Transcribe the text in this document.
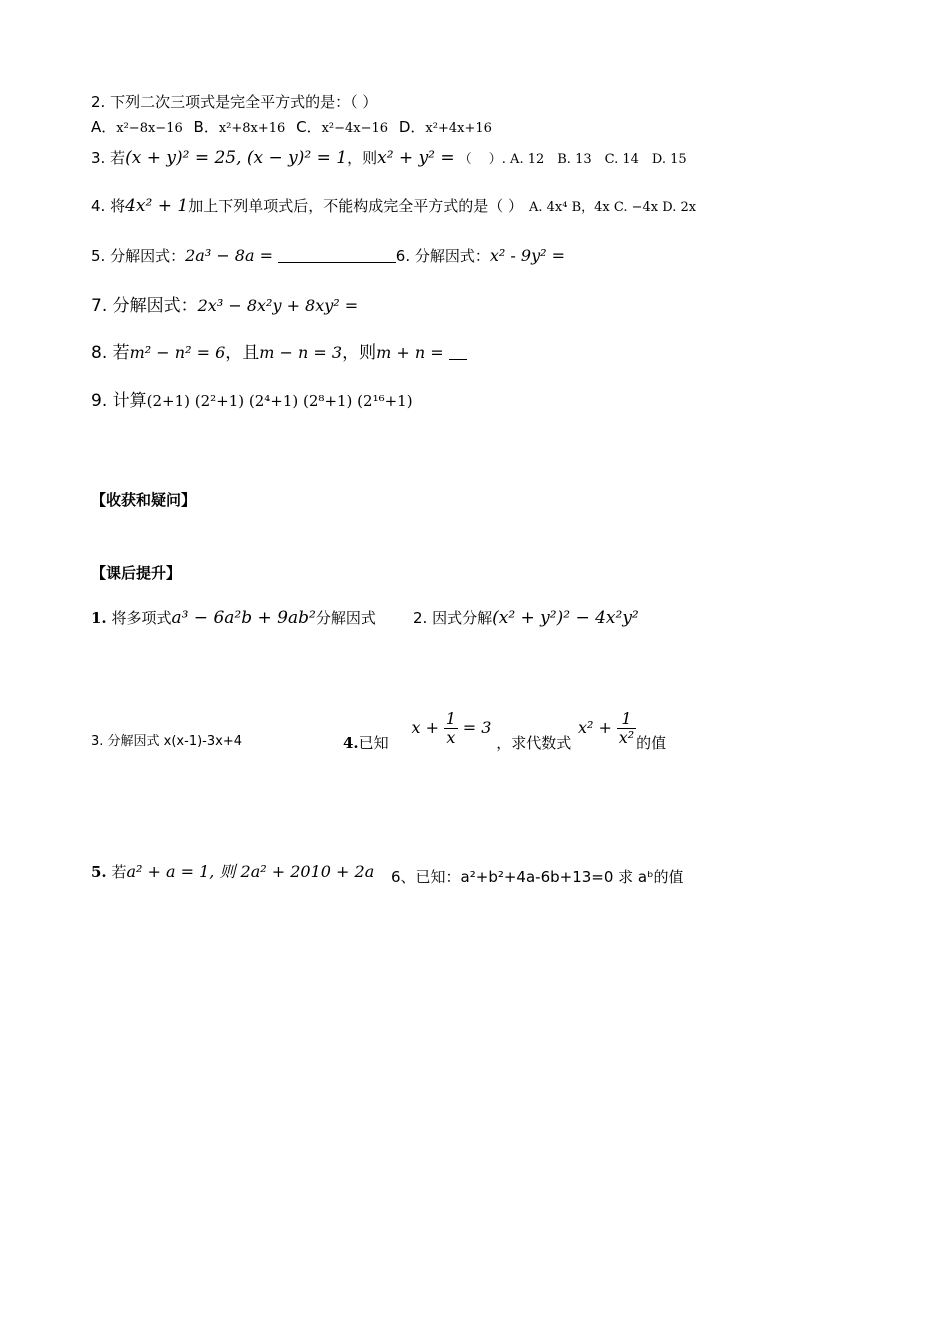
2. 下列二次三项式是完全平方式的是：（ ）
A．x²−8x−16 B．x²+8x+16 C．x²−4x−16 D．x²+4x+16
3. 若(x + y)² = 25, (x − y)² = 1，则x² + y² = （　 ）. A. 12　B. 13　C. 14　D. 15
4. 将4x² + 1加上下列单项式后，不能构成完全平方式的是（ ） A. 4x⁴ B，4x C. −4x D. 2x
5. 分解因式：2a³ − 8a =	6. 分解因式：x² - 9y² =
7. 分解因式：2x³ − 8x²y + 8xy² =
8. 若m² − n² = 6，且m − n = 3，则m + n =
9. 计算(2+1) (2²+1) (2⁴+1) (2⁸+1) (2¹⁶+1)
【收获和疑问】
【课后提升】
1. 将多项式a³ − 6a²b + 9ab²分解因式 2. 因式分解(x² + y²)² − 4x²y²
3. 分解因式 x(x-1)-3x+4	4.已知 $x + \frac{1}{x} = 3$ ，求代数式 $x^2 + \frac{1}{\text{x²}}$ 的值
5. 若a² + a = 1, 则 2a² + 2010 + 2a 6、已知：a²+b²+4a-6b+13=0 求 aᵇ的值
